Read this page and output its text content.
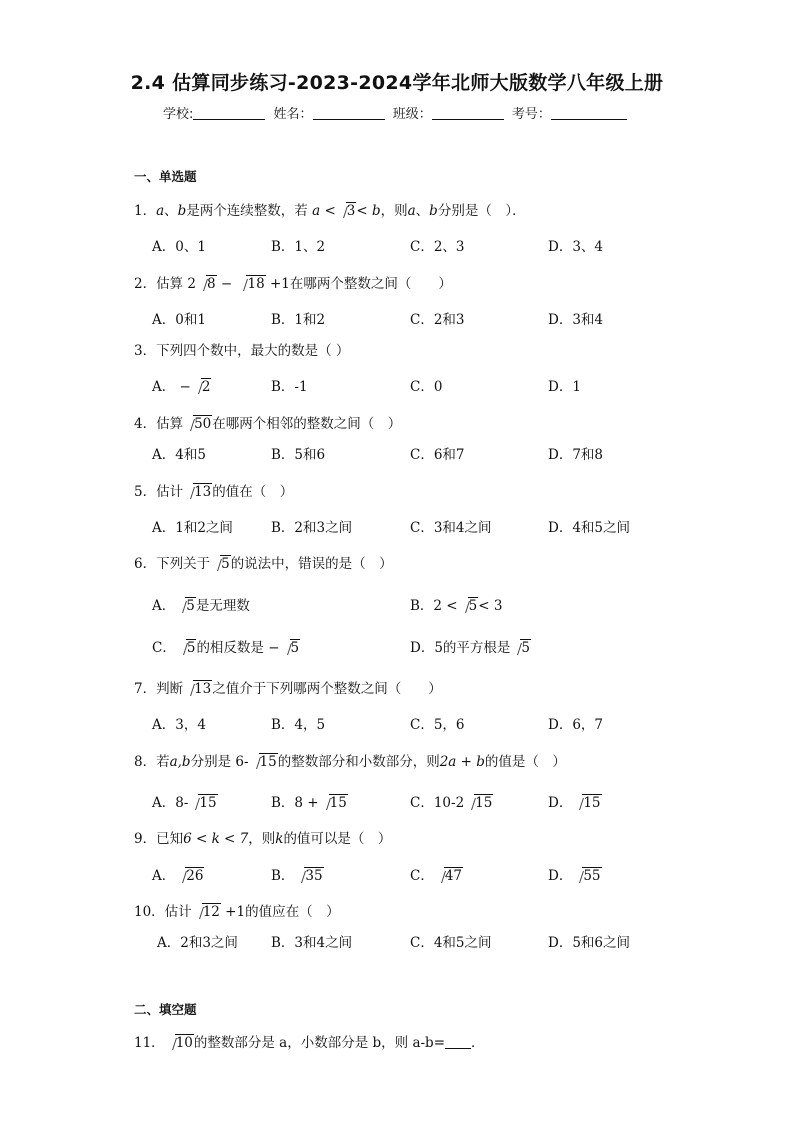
2.4 估算同步练习-2023-2024学年北师大版数学八年级上册
学校:	姓名：	班级：	考号：
一、单选题
1．a、b是两个连续整数，若 a < 3< b，则a、b分别是（　）．
A．0、1	B．1、2	C．2、3	D．3、4
2．估算 2 8 − 18 +1在哪两个整数之间（　　）
A．0和1	B．1和2	C．2和3	D．3和4
3．下列四个数中，最大的数是（ ）
A． − 2	B．-1	C．0	D．1
4．估算 50在哪两个相邻的整数之间（　）
A．4和5	B．5和6	C．6和7	D．7和8
5．估计 13的值在（　）
A．1和2之间	B．2和3之间	C．3和4之间	D．4和5之间
6．下列关于 5的说法中，错误的是（　）
A． 5是无理数	B．2 < 5< 3
C． 5的相反数是 − 5	D．5的平方根是 5
7．判断 13之值介于下列哪两个整数之间（　　）
A．3，4	B．4，5	C．5，6	D．6，7
8．若a,b分别是 6- 15的整数部分和小数部分，则2a + b的值是（　）
A．8- 15	B．8 + 15	C．10-2 15	D． 15
9．已知6 < k < 7，则k的值可以是（　）
A． 26	B． 35	C． 47	D． 55
10．估计 12 +1的值应在（　）
A．2和3之间 B．3和4之间	C．4和5之间	D．5和6之间
二、填空题
11． 10的整数部分是 a，小数部分是 b，则 a-b= ．
